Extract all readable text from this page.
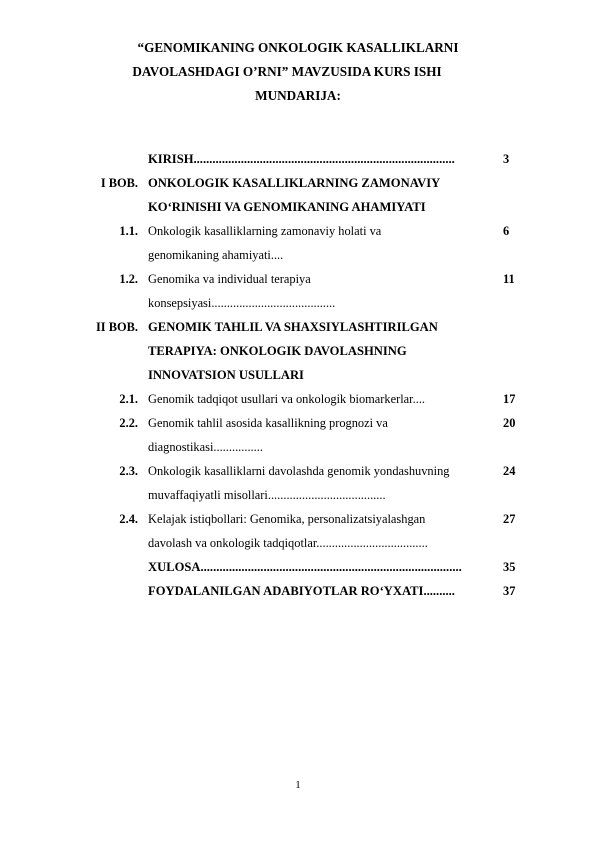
“GENOMIKANING ONKOLOGIK KASALLIKLARNI
DAVOLASHDAGI O’RNI” MAVZUSIDA KURS ISHI
MUNDARIJA:
KIRISH...................................................................................	3
I BOB. ONKOLOGIK KASALLIKLARNING ZAMONAVIY
KO‘RINISHI VA GENOMIKANING AHAMIYATI
1.1. Onkologik kasalliklarning zamonaviy holati va	6
genomikaning ahamiyati....
1.2. Genomika va individual terapiya	11
konsepsiyasi........................................
II BOB. GENOMIK TAHLIL VA SHAXSIYLASHTIRILGAN
TERAPIYA: ONKOLOGIK DAVOLASHNING
INNOVATSION USULLARI
2.1. Genomik tadqiqot usullari va onkologik biomarkerlar....	17
2.2. Genomik tahlil asosida kasallikning prognozi va	20
diagnostikasi................
2.3. Onkologik kasalliklarni davolashda genomik yondashuvning	24
muvaffaqiyatli misollari......................................
2.4. Kelajak istiqbollari: Genomika, personalizatsiyalashgan	27
davolash va onkologik tadqiqotlar....................................
XULOSA...................................................................................	35
FOYDALANILGAN ADABIYOTLAR RO‘YXATI..........	37
1
